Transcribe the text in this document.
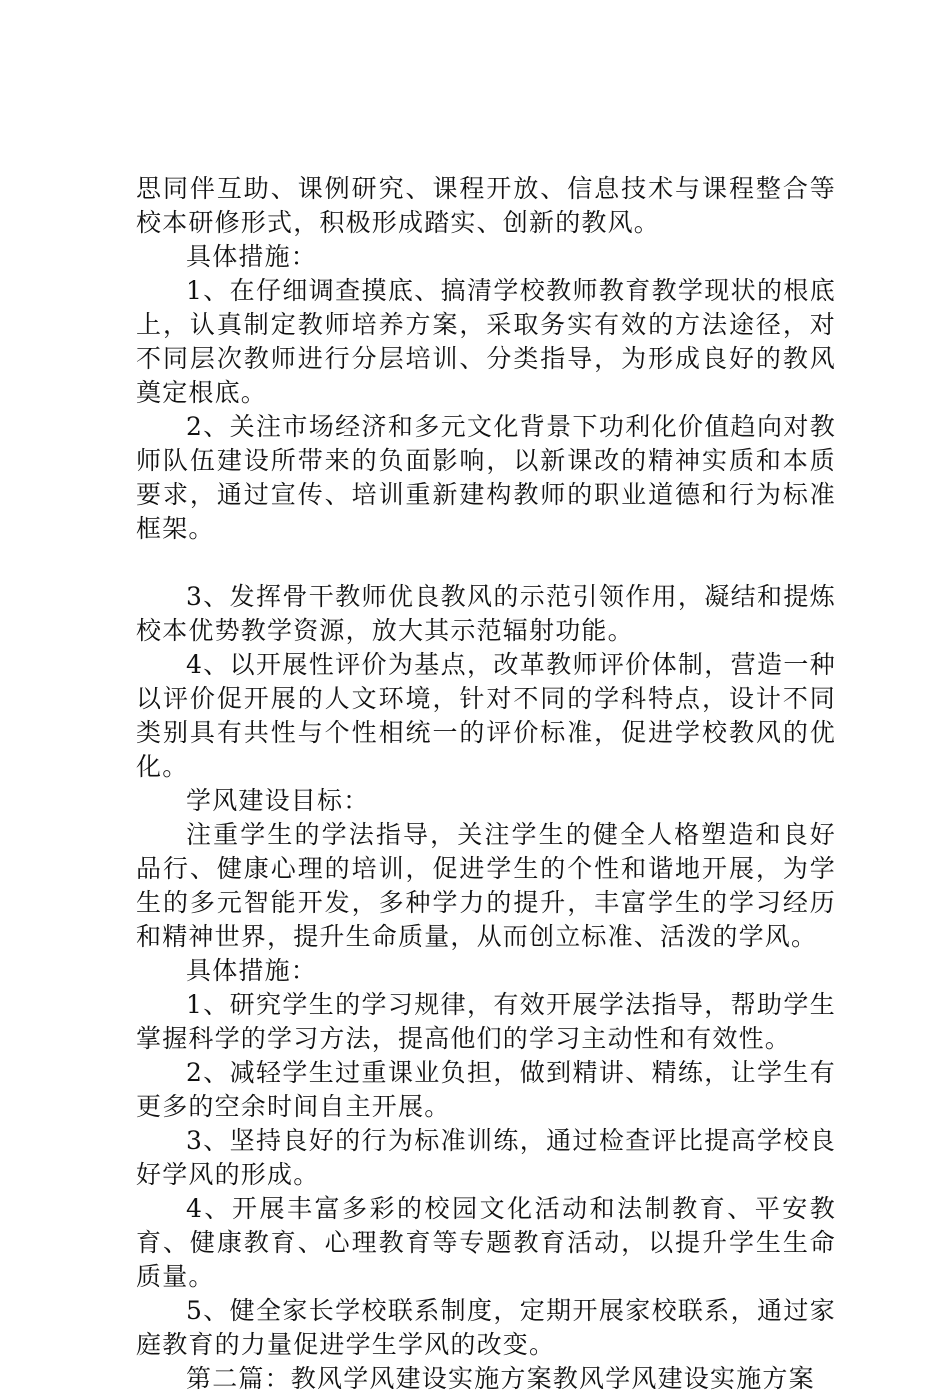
思同伴互助、课例研究、课程开放、信息技术与课程整合等校本研修形式，积极形成踏实、创新的教风。

具体措施：

1、在仔细调查摸底、搞清学校教师教育教学现状的根底上，认真制定教师培养方案，采取务实有效的方法途径，对不同层次教师进行分层培训、分类指导，为形成良好的教风奠定根底。

2、关注市场经济和多元文化背景下功利化价值趋向对教师队伍建设所带来的负面影响，以新课改的精神实质和本质要求，通过宣传、培训重新建构教师的职业道德和行为标准框架。

3、发挥骨干教师优良教风的示范引领作用，凝结和提炼校本优势教学资源，放大其示范辐射功能。

4、以开展性评价为基点，改革教师评价体制，营造一种以评价促开展的人文环境，针对不同的学科特点，设计不同类别具有共性与个性相统一的评价标准，促进学校教风的优化。

学风建设目标：

注重学生的学法指导，关注学生的健全人格塑造和良好品行、健康心理的培训，促进学生的个性和谐地开展，为学生的多元智能开发，多种学力的提升，丰富学生的学习经历和精神世界，提升生命质量，从而创立标准、活泼的学风。

具体措施：

1、研究学生的学习规律，有效开展学法指导，帮助学生掌握科学的学习方法，提高他们的学习主动性和有效性。

2、减轻学生过重课业负担，做到精讲、精练，让学生有更多的空余时间自主开展。

3、坚持良好的行为标准训练，通过检查评比提高学校良好学风的形成。

4、开展丰富多彩的校园文化活动和法制教育、平安教育、健康教育、心理教育等专题教育活动，以提升学生生命质量。

5、健全家长学校联系制度，定期开展家校联系，通过家庭教育的力量促进学生学风的改变。

第二篇：教风学风建设实施方案教风学风建设实施方案
